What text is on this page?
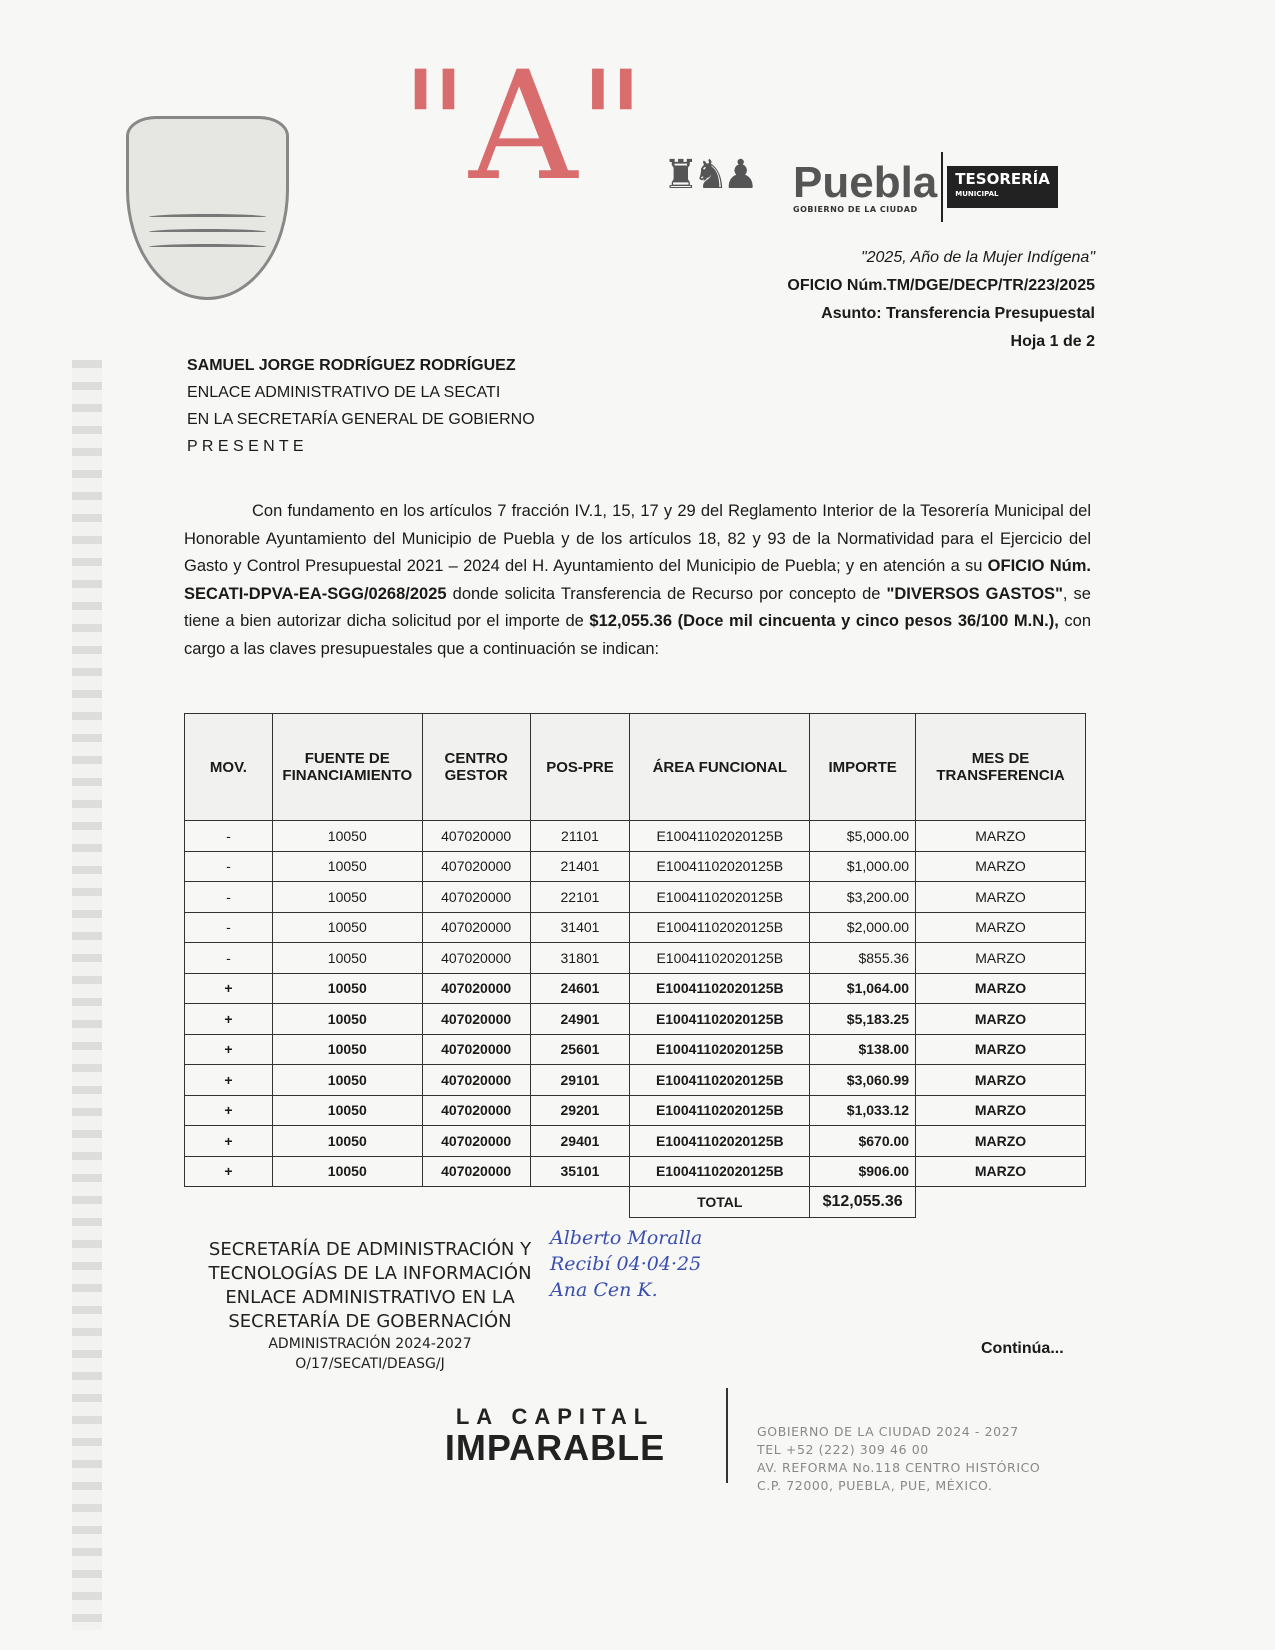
"A" ♜♞♟ Puebla
GOBIERNO DE LA CIUDAD
TESORERÍA
MUNICIPAL
"2025, Año de la Mujer Indígena"
OFICIO Núm.TM/DGE/DECP/TR/223/2025
Asunto: Transferencia Presupuestal
Hoja 1 de 2
SAMUEL JORGE RODRÍGUEZ RODRÍGUEZ
ENLACE ADMINISTRATIVO DE LA SECATI
EN LA SECRETARÍA GENERAL DE GOBIERNO
P R E S E N T E
Con fundamento en los artículos 7 fracción IV.1, 15, 17 y 29 del Reglamento Interior de la Tesorería Municipal del Honorable Ayuntamiento del Municipio de Puebla y de los artículos 18, 82 y 93 de la Normatividad para el Ejercicio del Gasto y Control Presupuestal 2021 – 2024 del H. Ayuntamiento del Municipio de Puebla; y en atención a su OFICIO Núm. SECATI-DPVA-EA-SGG/0268/2025 donde solicita Transferencia de Recurso por concepto de "DIVERSOS GASTOS", se tiene a bien autorizar dicha solicitud por el importe de $12,055.36 (Doce mil cincuenta y cinco pesos 36/100 M.N.), con cargo a las claves presupuestales que a continuación se indican:
MOV.	FUENTE DE FINANCIAMIENTO	CENTRO GESTOR	POS-PRE	ÁREA FUNCIONAL	IMPORTE	MES DE TRANSFERENCIA
-	10050	407020000	21101	E10041102020125B	$5,000.00	MARZO
-	10050	407020000	21401	E10041102020125B	$1,000.00	MARZO
-	10050	407020000	22101	E10041102020125B	$3,200.00	MARZO
-	10050	407020000	31401	E10041102020125B	$2,000.00	MARZO
-	10050	407020000	31801	E10041102020125B	$855.36	MARZO
+	10050	407020000	24601	E10041102020125B	$1,064.00	MARZO
+	10050	407020000	24901	E10041102020125B	$5,183.25	MARZO
+	10050	407020000	25601	E10041102020125B	$138.00	MARZO
+	10050	407020000	29101	E10041102020125B	$3,060.99	MARZO
+	10050	407020000	29201	E10041102020125B	$1,033.12	MARZO
+	10050	407020000	29401	E10041102020125B	$670.00	MARZO
+	10050	407020000	35101	E10041102020125B	$906.00	MARZO
				TOTAL	$12,055.36	
SECRETARÍA DE ADMINISTRACIÓN Y
TECNOLOGÍAS DE LA INFORMACIÓN
ENLACE ADMINISTRATIVO EN LA
SECRETARÍA DE GOBERNACIÓN
ADMINISTRACIÓN 2024-2027
O/17/SECATI/DEASG/J
Alberto Moralla
Recibí 04·04·25
Ana Cen K.
Continúa...
LA CAPITAL
IMPARABLE	GOBIERNO DE LA CIUDAD 2024 - 2027
TEL +52 (222) 309 46 00
AV. REFORMA No.118 CENTRO HISTÓRICO
C.P. 72000, PUEBLA, PUE, MÉXICO.
